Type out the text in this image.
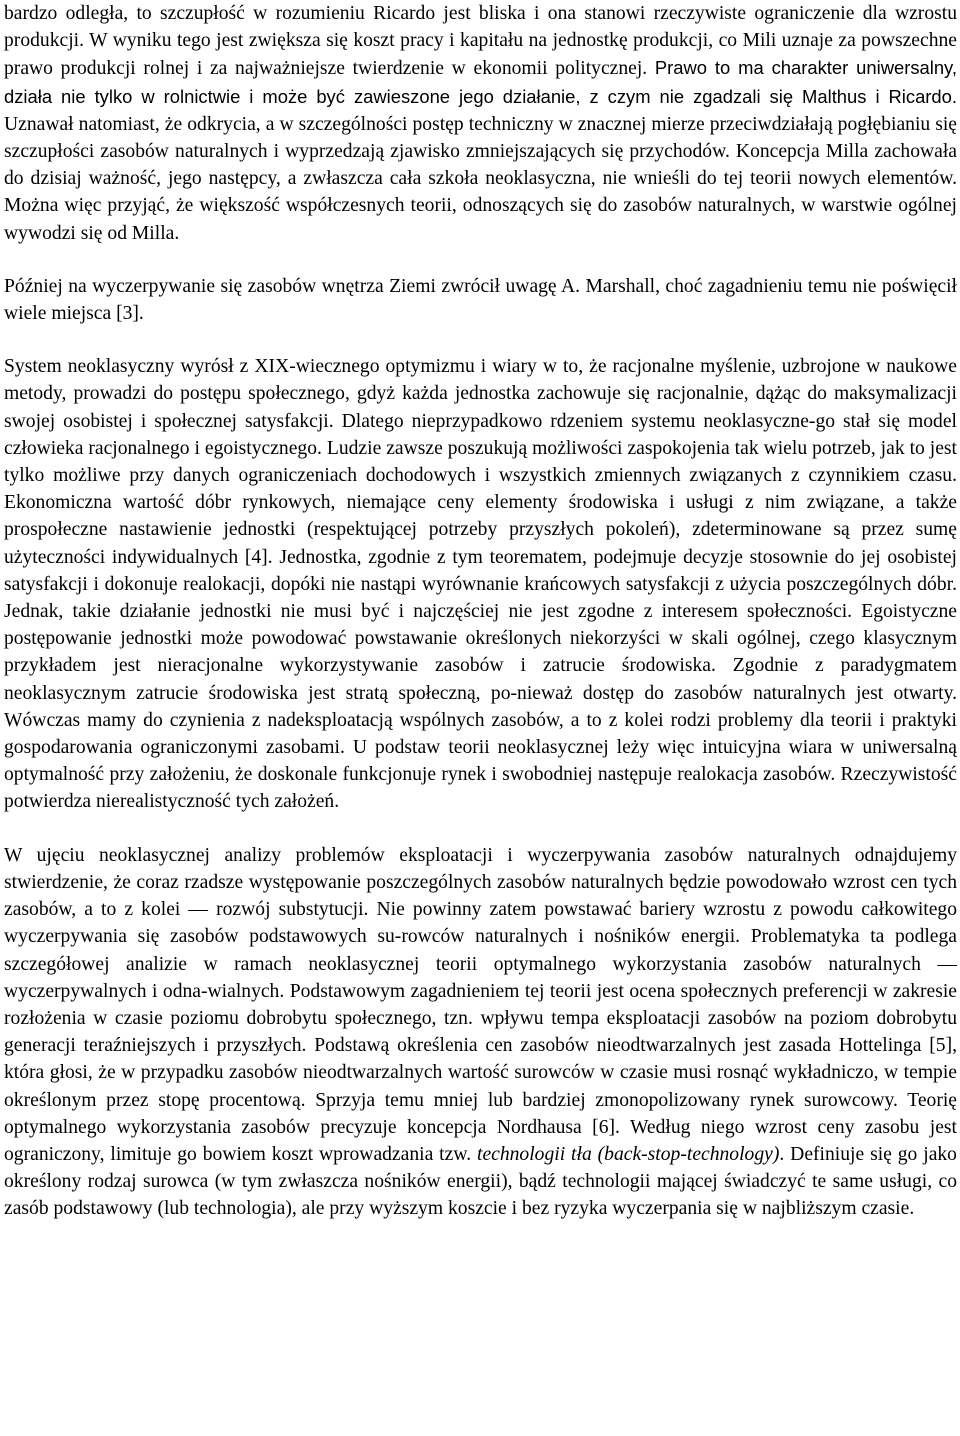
bardzo odległa, to szczupłość w rozumieniu Ricardo jest bliska i ona stanowi rzeczywiste ograniczenie dla wzrostu produkcji. W wyniku tego jest zwiększa się koszt pracy i kapitału na jednostkę produkcji, co Mili uznaje za powszechne prawo produkcji rolnej i za najważniejsze twierdzenie w ekonomii politycznej. Prawo to ma charakter uniwersalny, działa nie tylko w rolnictwie i może być zawieszone jego działanie, z czym nie zgadzali się Malthus i Ricardo. Uznawał natomiast, że odkrycia, a w szczególności postęp techniczny w znacznej mierze przeciwdziałają pogłębianiu się szczupłości zasobów naturalnych i wyprzedzają zjawisko zmniejszających się przychodów. Koncepcja Milla zachowała do dzisiaj ważność, jego następcy, a zwłaszcza cała szkoła neoklasyczna, nie wnieśli do tej teorii nowych elementów. Można więc przyjąć, że większość współczesnych teorii, odnoszących się do zasobów naturalnych, w warstwie ogólnej wywodzi się od Milla.

Później na wyczerpywanie się zasobów wnętrza Ziemi zwrócił uwagę A. Marshall, choć zagadnieniu temu nie poświęcił wiele miejsca [3].

System neoklasyczny wyrósł z XIX-wiecznego optymizmu i wiary w to, że racjonalne myślenie, uzbrojone w naukowe metody, prowadzi do postępu społecznego, gdyż każda jednostka zachowuje się racjonalnie, dążąc do maksymalizacji swojej osobistej i społecznej satysfakcji. Dlatego nieprzypadkowo rdzeniem systemu neoklasyczne-go stał się model człowieka racjonalnego i egoistycznego. Ludzie zawsze poszukują możliwości zaspokojenia tak wielu potrzeb, jak to jest tylko możliwe przy danych ograniczeniach dochodowych i wszystkich zmiennych związanych z czynnikiem czasu. Ekonomiczna wartość dóbr rynkowych, niemające ceny elementy środowiska i usługi z nim związane, a także prospołeczne nastawienie jednostki (respektującej potrzeby przyszłych pokoleń), zdeterminowane są przez sumę użyteczności indywidualnych [4]. Jednostka, zgodnie z tym teorematem, podejmuje decyzje stosownie do jej osobistej satysfakcji i dokonuje realokacji, dopóki nie nastąpi wyrównanie krańcowych satysfakcji z użycia poszczególnych dóbr. Jednak, takie działanie jednostki nie musi być i najczęściej nie jest zgodne z interesem społeczności. Egoistyczne postępowanie jednostki może powodować powstawanie określonych niekorzyści w skali ogólnej, czego klasycznym przykładem jest nieracjonalne wykorzystywanie zasobów i zatrucie środowiska. Zgodnie z paradygmatem neoklasycznym zatrucie środowiska jest stratą społeczną, po-nieważ dostęp do zasobów naturalnych jest otwarty. Wówczas mamy do czynienia z nadeksploatacją wspólnych zasobów, a to z kolei rodzi problemy dla teorii i praktyki gospodarowania ograniczonymi zasobami. U podstaw teorii neoklasycznej leży więc intuicyjna wiara w uniwersalną optymalność przy założeniu, że doskonale funkcjonuje rynek i swobodniej następuje realokacja zasobów. Rzeczywistość potwierdza nierealistyczność tych założeń.

W ujęciu neoklasycznej analizy problemów eksploatacji i wyczerpywania zasobów naturalnych odnajdujemy stwierdzenie, że coraz rzadsze występowanie poszczególnych zasobów naturalnych będzie powodowało wzrost cen tych zasobów, a to z kolei — rozwój substytucji. Nie powinny zatem powstawać bariery wzrostu z powodu całkowitego wyczerpywania się zasobów podstawowych su-rowców naturalnych i nośników energii. Problematyka ta podlega szczegółowej analizie w ramach neoklasycznej teorii optymalnego wykorzystania zasobów naturalnych — wyczerpywalnych i odna-wialnych. Podstawowym zagadnieniem tej teorii jest ocena społecznych preferencji w zakresie rozłożenia w czasie poziomu dobrobytu społecznego, tzn. wpływu tempa eksploatacji zasobów na poziom dobrobytu generacji teraźniejszych i przyszłych. Podstawą określenia cen zasobów nieodtwarzalnych jest zasada Hottelinga [5], która głosi, że w przypadku zasobów nieodtwarzalnych wartość surowców w czasie musi rosnąć wykładniczo, w tempie określonym przez stopę procentową. Sprzyja temu mniej lub bardziej zmonopolizowany rynek surowcowy. Teorię optymalnego wykorzystania zasobów precyzuje koncepcja Nordhausa [6]. Według niego wzrost ceny zasobu jest ograniczony, limituje go bowiem koszt wprowadzania tzw. technologii tła (back-stop-technology). Definiuje się go jako określony rodzaj surowca (w tym zwłaszcza nośników energii), bądź technologii mającej świadczyć te same usługi, co zasób podstawowy (lub technologia), ale przy wyższym koszcie i bez ryzyka wyczerpania się w najbliższym czasie.
